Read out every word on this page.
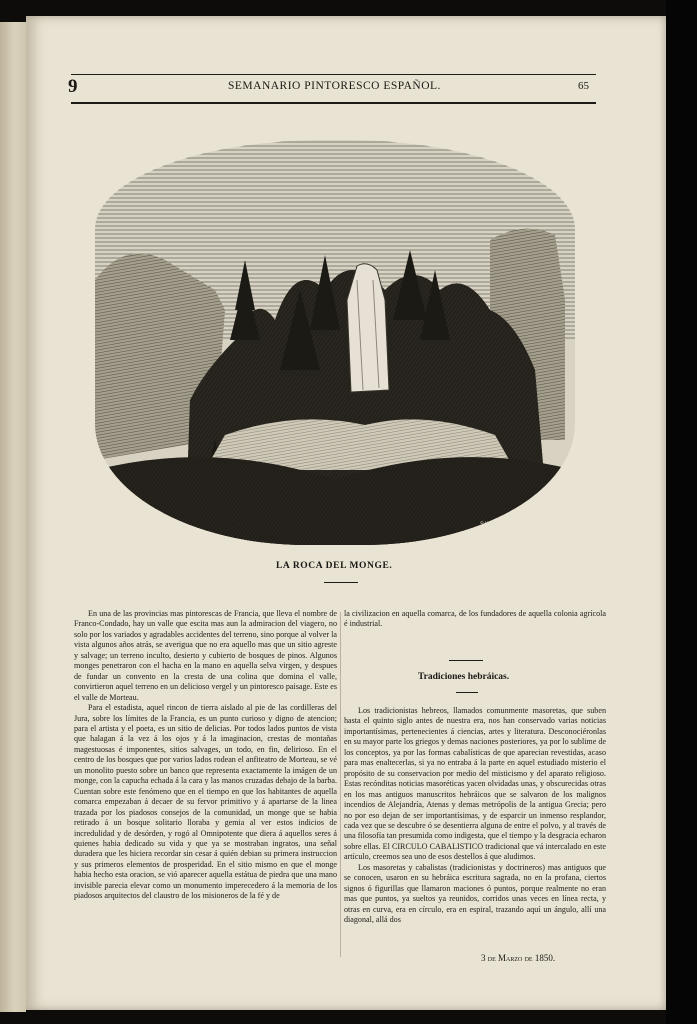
9	SEMANARIO PINTORESCO ESPAÑOL.	65
LA ROCA DEL MONGE.

En una de las provincias mas pintorescas de Francia, que lleva el nombre de Franco-Condado, hay un valle que escita mas aun la admiracion del viagero, no solo por los variados y agradables accidentes del terreno, sino porque al volver la vista algunos años atrás, se averigua que no era aquello mas que un sitio agreste y salvage; un terreno inculto, desierto y cubierto de bosques de pinos. Algunos monges penetraron con el hacha en la mano en aquella selva virgen, y despues de fundar un convento en la cresta de una colina que domina el valle, convirtieron aquel terreno en un delicioso vergel y un pintoresco paisage. Este es el valle de Morteau.

Para el estadista, aquel rincon de tierra aislado al pie de las cordilleras del Jura, sobre los límites de la Francia, es un punto curioso y digno de atencion; para el artista y el poeta, es un sitio de delicias. Por todos lados puntos de vista que halagan á la vez á los ojos y á la imaginacion, crestas de montañas magestuosas é imponentes, sitios salvages, un todo, en fin, delirioso. En el centro de los bosques que por varios lados rodean el anfiteatro de Morteau, se vé un monolito puesto sobre un banco que representa exactamente la imágen de un monge, con la capucha echada á la cara y las manos cruzadas debajo de la barba. Cuentan sobre este fenómeno que en el tiempo en que los habitantes de aquella comarca empezaban á decaer de su fervor primitivo y á apartarse de la linea trazada por los piadosos consejos de la comunidad, un monge que se habia retirado á un bosque solitario lloraba y gemia al ver estos indicios de incredulidad y de desórden, y rogó al Omnipotente que diera á aquellos seres á quienes habia dedicado su vida y que ya se mostraban ingratos, una señal duradera que les hiciera recordar sin cesar á quién debian su primera instruccion y sus primeros elementos de prosperidad. En el sitio mismo en que el monge habia hecho esta oracion, se vió aparecer aquella estátua de piedra que una mano invisible parecia elevar como un monumento imperecedero á la memoria de los piadosos arquitectos del claustro de los misioneros de la fé y de

la civilizacion en aquella comarca, de los fundadores de aquella colonia agrícola é industrial.

Tradiciones hebráicas.

Los tradicionistas hebreos, llamados comunmente masoretas, que suben hasta el quinto siglo antes de nuestra era, nos han conservado varias noticias importantísimas, pertenecientes á ciencias, artes y literatura. Desconociéronlas en su mayor parte los griegos y demas naciones posteriores, ya por lo sublime de los conceptos, ya por las formas cabalísticas de que aparecian revestidas, acaso para mas enaltecerlas, si ya no entraba á la parte en aquel estudiado misterio el propósito de su conservacion por medio del misticismo y del aparato religioso. Estas recónditas noticias masoréticas yacen olvidadas unas, y obscurecidas otras en los mas antiguos manuscritos hebráicos que se salvaron de los malignos incendios de Alejandría, Atenas y demas metrópolis de la antigua Grecia; pero no por eso dejan de ser importantísimas, y de esparcir un inmenso resplandor, cada vez que se descubre ó se desentierra alguna de entre el polvo, y al través de una filosofía tan presumida como indigesta, que el tiempo y la desgracia echaron sobre ellas. El CIRCULO CABALISTICO tradicional que vá intercalado en este artículo, creemos sea uno de esos destellos á que aludimos.

Los masoretas y cabalistas (tradicionistas y doctrineros) mas antiguos que se conocen, usaron en su hebráica escritura sagrada, no en la profana, ciertos signos ó figurillas que llamaron maciones ó puntos, porque realmente no eran mas que puntos, ya sueltos ya reunidos, corridos unas veces en línea recta, y otras en curva, era en círculo, era en espiral, trazando aquí un ángulo, allí una diagonal, allá dos

3 de Marzo de 1850.
SIERRA G°
